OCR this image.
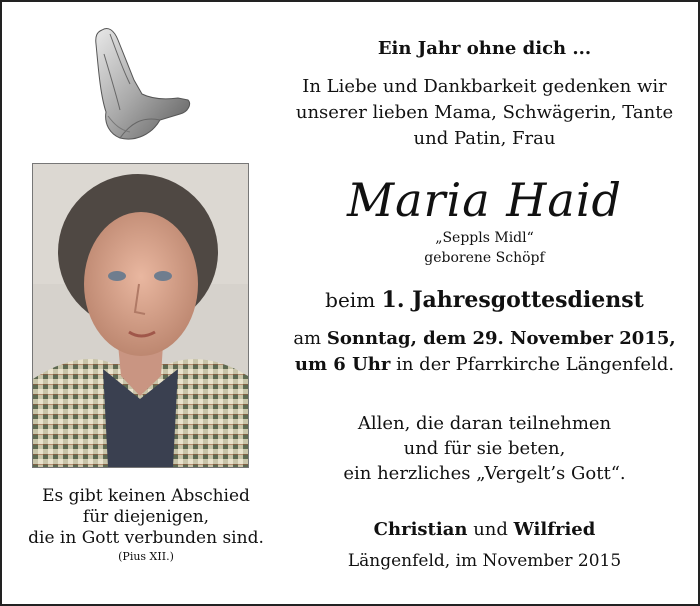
Es gibt keinen Abschied
für diejenigen,
die in Gott verbunden sind.
(Pius XII.)
Ein Jahr ohne dich ...
In Liebe und Dankbarkeit gedenken wir
unserer lieben Mama, Schwägerin, Tante
und Patin, Frau
Maria Haid
„Seppls Midl“
geborene Schöpf
beim 1. Jahresgottesdienst
am Sonntag, dem 29. November 2015,
um 6 Uhr in der Pfarrkirche Längenfeld.
Allen, die daran teilnehmen
und für sie beten,
ein herzliches „Vergelt’s Gott“.
Christian und Wilfried
Längenfeld, im November 2015
